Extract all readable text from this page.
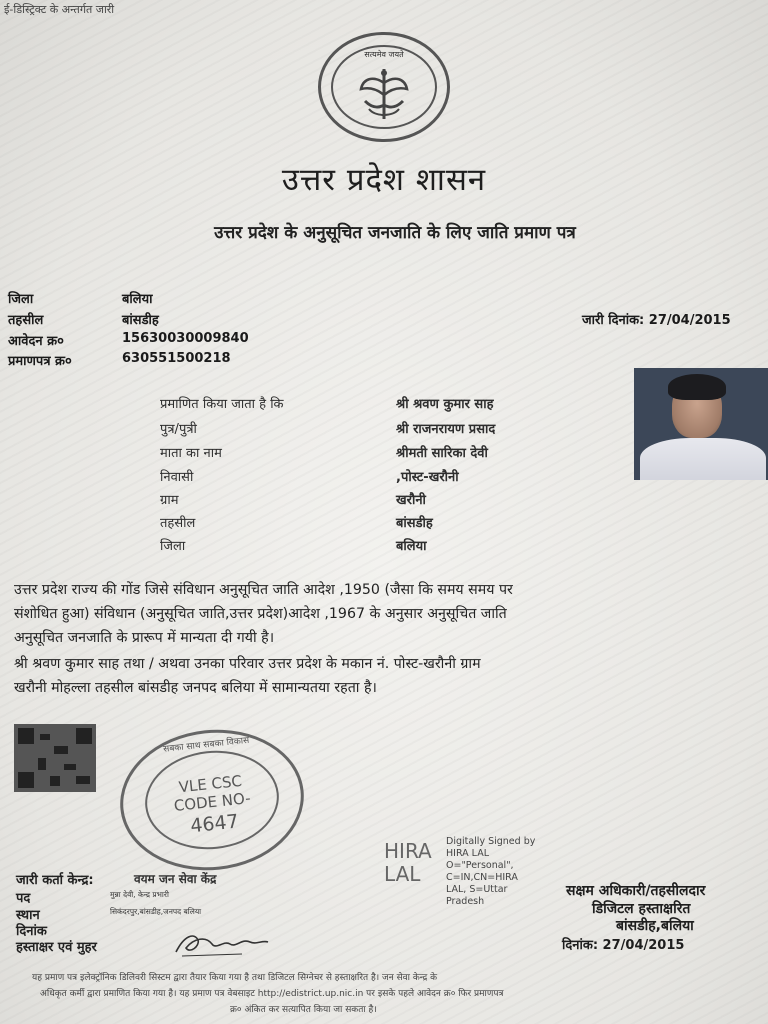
ई-डिस्ट्रिक्ट के अन्तर्गत जारी
सत्यमेव जयते
उत्तर प्रदेश शासन
उत्तर प्रदेश के अनुसूचित जनजाति के लिए जाति प्रमाण पत्र
जिला	बलिया
तहसील	बांसडीह
आवेदन क्र०	156300300098​40
प्रमाणपत्र क्र०	630551500218
जारी दिनांक: 27/04/2015
प्रमाणित किया जाता है कि	श्री श्रवण कुमार साह
पुत्र/पुत्री	श्री राजनरायण प्रसाद
माता का नाम	श्रीमती सारिका देवी
निवासी	,पोस्ट-खरौनी
ग्राम	खरौनी
तहसील	बांसडीह
जिला	बलिया
उत्तर प्रदेश राज्य की गोंड जिसे संविधान अनुसूचित जाति आदेश ,1950 (जैसा कि समय समय पर
संशोधित हुआ) संविधान (अनुसूचित जाति,उत्तर प्रदेश)आदेश ,1967 के अनुसार अनुसूचित जाति
अनुसूचित जनजाति के प्रारूप में मान्यता दी गयी है।
श्री श्रवण कुमार साह तथा / अथवा उनका परिवार उत्तर प्रदेश के मकान नं. पोस्ट-खरौनी ग्राम
खरौनी मोहल्ला तहसील बांसडीह जनपद बलिया में सामान्यतया रहता है।
सबका साथ सबका विकास
VLE CSC
CODE NO-
4647
HIRA
LAL
Digitally Signed by
HIRA LAL
O="Personal",
C=IN,CN=HIRA
LAL, S=Uttar
Pradesh
जारी कर्ता केन्द्र:	वयम जन सेवा केंद्र
पद	मुन्ना देवी, केन्द्र प्रभारी
स्थान	सिकंदरपुर,बांसडीह,जनपद बलिया
दिनांक
हस्ताक्षर एवं मुहर
सक्षम अधिकारी/तहसीलदार
डिजिटल हस्ताक्षरित
बांसडीह,बलिया
दिनांक: 27/04/2015
यह प्रमाण पत्र इलेक्ट्रॉनिक डिलिवरी सिस्टम द्वारा तैयार किया गया है तथा डिजिटल सिग्नेचर से हस्ताक्षरित है। जन सेवा केन्द्र के
अधिकृत कर्मी द्वारा प्रमाणित किया गया है। यह प्रमाण पत्र वेबसाइट http://edistrict.up.nic.in पर इसके पहले आवेदन क्र० फिर प्रमाणपत्र
क्र० अंकित कर सत्यापित किया जा सकता है।
